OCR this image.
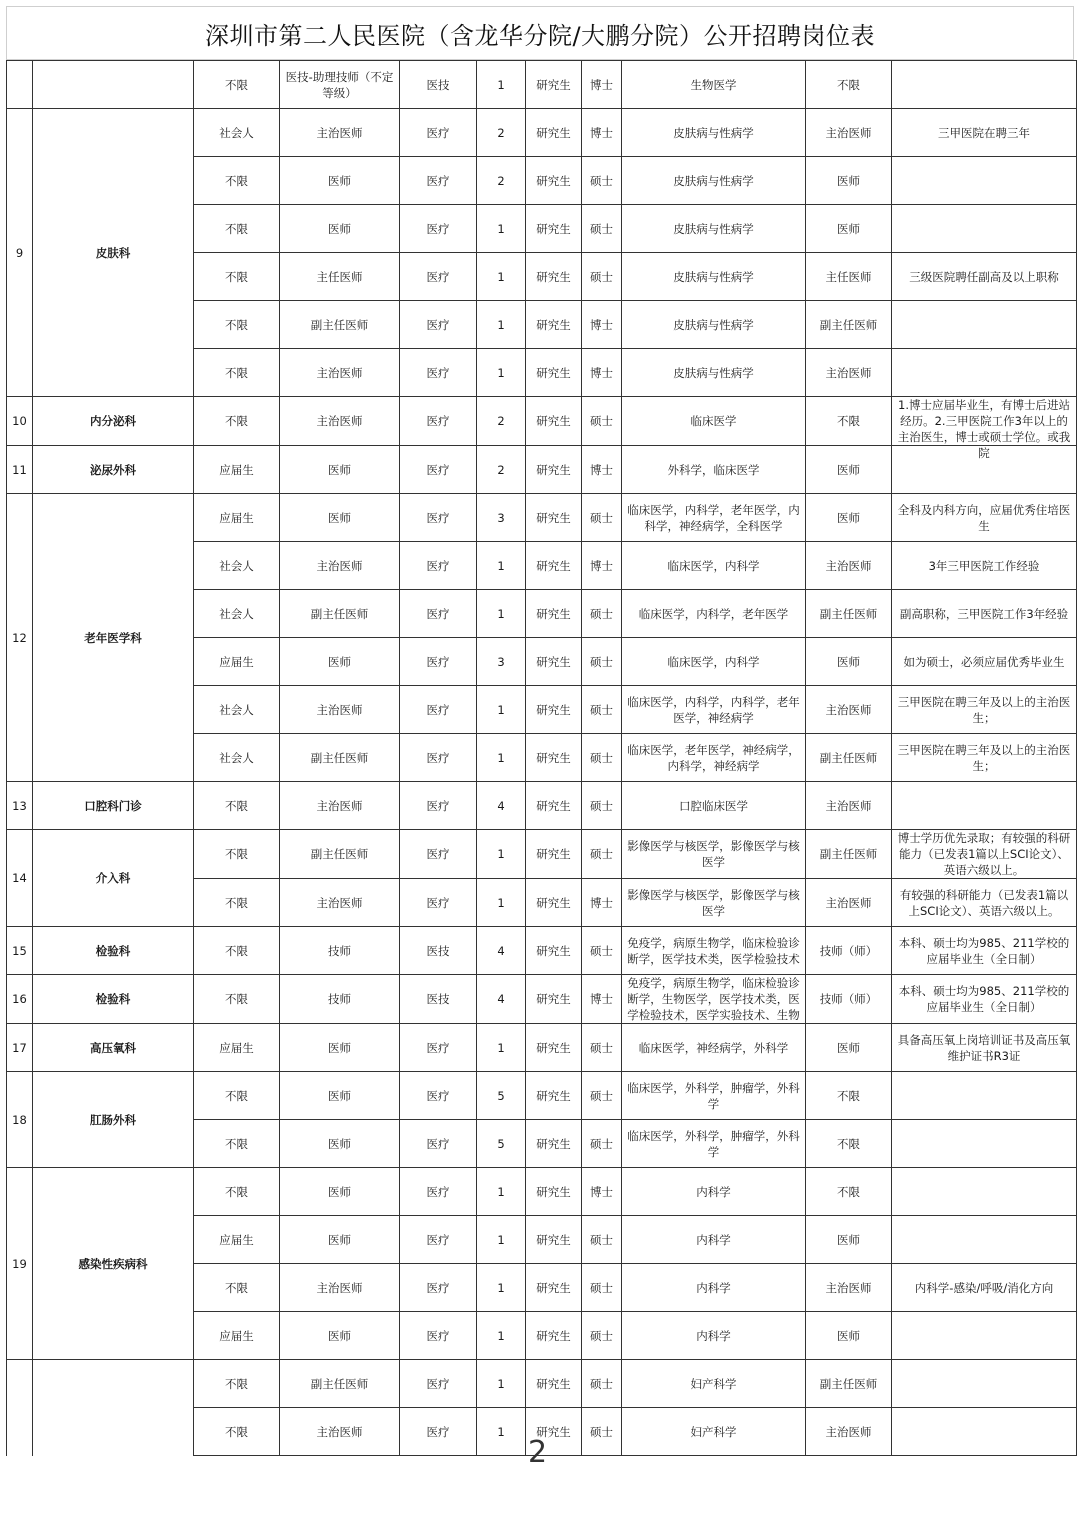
深圳市第二人民医院（含龙华分院/大鹏分院）公开招聘岗位表

		不限	医技-助理技师（不定等级）	医技	1	研究生	博士	生物医学	不限	

9	皮肤科	社会人	主治医师	医疗	2	研究生	博士	皮肤病与性病学	主治医师	三甲医院在聘三年

		不限	医师	医疗	2	研究生	硕士	皮肤病与性病学	医师	

		不限	医师	医疗	1	研究生	硕士	皮肤病与性病学	医师	

		不限	主任医师	医疗	1	研究生	硕士	皮肤病与性病学	主任医师	三级医院聘任副高及以上职称

		不限	副主任医师	医疗	1	研究生	博士	皮肤病与性病学	副主任医师	

		不限	主治医师	医疗	1	研究生	博士	皮肤病与性病学	主治医师	

10	内分泌科	不限	主治医师	医疗	2	研究生	硕士	临床医学	不限	1.博士应届毕业生，有博士后进站经历。2.三甲医院工作3年以上的主治医生，博士或硕士学位。或我院

11	泌尿外科	应届生	医师	医疗	2	研究生	博士	外科学，临床医学	医师	

12	老年医学科	应届生	医师	医疗	3	研究生	硕士	临床医学，内科学，老年医学，内科学，神经病学，全科医学	医师	全科及内科方向，应届优秀住培医生

		社会人	主治医师	医疗	1	研究生	博士	临床医学，内科学	主治医师	3年三甲医院工作经验

		社会人	副主任医师	医疗	1	研究生	硕士	临床医学，内科学，老年医学	副主任医师	副高职称，三甲医院工作3年经验

		应届生	医师	医疗	3	研究生	硕士	临床医学，内科学	医师	如为硕士，必须应届优秀毕业生

		社会人	主治医师	医疗	1	研究生	硕士	临床医学，内科学，内科学，老年医学，神经病学	主治医师	三甲医院在聘三年及以上的主治医生；

		社会人	副主任医师	医疗	1	研究生	硕士	临床医学，老年医学，神经病学，内科学，神经病学	副主任医师	三甲医院在聘三年及以上的主治医生；

13	口腔科门诊	不限	主治医师	医疗	4	研究生	硕士	口腔临床医学	主治医师	

14	介入科	不限	副主任医师	医疗	1	研究生	硕士	影像医学与核医学，影像医学与核医学	副主任医师	博士学历优先录取；有较强的科研能力（已发表1篇以上SCI论文）、英语六级以上。

		不限	主治医师	医疗	1	研究生	博士	影像医学与核医学，影像医学与核医学	主治医师	有较强的科研能力（已发表1篇以上SCI论文）、英语六级以上。

15	检验科	不限	技师	医技	4	研究生	硕士	免疫学，病原生物学，临床检验诊断学，医学技术类，医学检验技术	技师（师）	本科、硕士均为985、211学校的应届毕业生（全日制）

16	检验科	不限	技师	医技	4	研究生	博士	免疫学，病原生物学，临床检验诊断学，生物医学，医学技术类，医学检验技术，医学实验技术、生物	技师（师）	本科、硕士均为985、211学校的应届毕业生（全日制）

17	高压氧科	应届生	医师	医疗	1	研究生	硕士	临床医学，神经病学，外科学	医师	具备高压氧上岗培训证书及高压氧维护证书R3证

18	肛肠外科	不限	医师	医疗	5	研究生	硕士	临床医学，外科学，肿瘤学，外科学	不限	

		不限	医师	医疗	5	研究生	硕士	临床医学，外科学，肿瘤学，外科学	不限	

19	感染性疾病科	不限	医师	医疗	1	研究生	博士	内科学	不限	

		应届生	医师	医疗	1	研究生	硕士	内科学	医师	

		不限	主治医师	医疗	1	研究生	硕士	内科学	主治医师	内科学-感染/呼吸/消化方向

		应届生	医师	医疗	1	研究生	硕士	内科学	医师	

		不限	副主任医师	医疗	1	研究生	硕士	妇产科学	副主任医师	

		不限	主治医师	医疗	1	研究生	硕士	妇产科学	主治医师	

2
